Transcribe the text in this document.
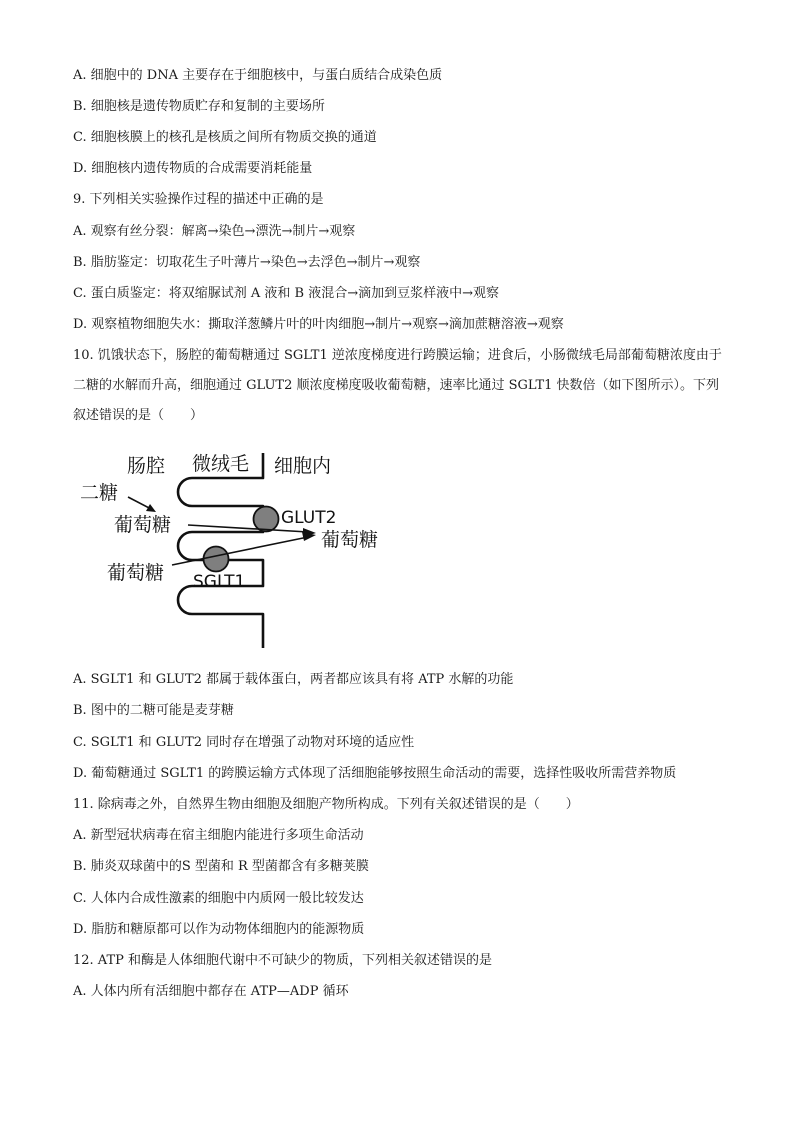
A. 细胞中的 DNA 主要存在于细胞核中，与蛋白质结合成染色质
B. 细胞核是遗传物质贮存和复制的主要场所
C. 细胞核膜上的核孔是核质之间所有物质交换的通道
D. 细胞核内遗传物质的合成需要消耗能量
9. 下列相关实验操作过程的描述中正确的是
A. 观察有丝分裂：解离→染色→漂洗→制片→观察
B. 脂肪鉴定：切取花生子叶薄片→染色→去浮色→制片→观察
C. 蛋白质鉴定：将双缩脲试剂 A 液和 B 液混合→滴加到豆浆样液中→观察
D. 观察植物细胞失水：撕取洋葱鳞片叶的叶肉细胞→制片→观察→滴加蔗糖溶液→观察
10. 饥饿状态下，肠腔的葡萄糖通过 SGLT1 逆浓度梯度进行跨膜运输；进食后，小肠微绒毛局部葡萄糖浓度由于二糖的水解而升高，细胞通过 GLUT2 顺浓度梯度吸收葡萄糖，速率比通过 SGLT1 快数倍（如下图所示）。下列叙述错误的是（　　）
肠腔 微绒毛 细胞内
二糖
葡萄糖	GLUT2
葡萄糖
葡萄糖 SGLT1
A. SGLT1 和 GLUT2 都属于载体蛋白，两者都应该具有将 ATP 水解的功能
B. 图中的二糖可能是麦芽糖
C. SGLT1 和 GLUT2 同时存在增强了动物对环境的适应性
D. 葡萄糖通过 SGLT1 的跨膜运输方式体现了活细胞能够按照生命活动的需要，选择性吸收所需营养物质
11. 除病毒之外，自然界生物由细胞及细胞产物所构成。下列有关叙述错误的是（　　）
A. 新型冠状病毒在宿主细胞内能进行多项生命活动
B. 肺炎双球菌中的S 型菌和 R 型菌都含有多糖荚膜
C. 人体内合成性激素的细胞中内质网一般比较发达
D. 脂肪和糖原都可以作为动物体细胞内的能源物质
12. ATP 和酶是人体细胞代谢中不可缺少的物质，下列相关叙述错误的是
A. 人体内所有活细胞中都存在 ATP—ADP 循环
